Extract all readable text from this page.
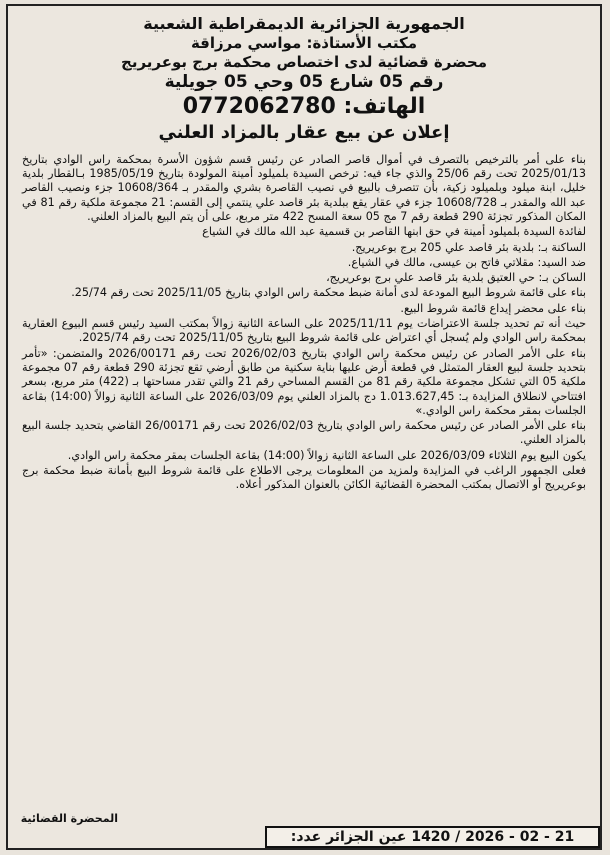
الجمهورية الجزائرية الديمقراطية الشعبية
مكتب الأستاذة: مواسي مرزاقة
محضرة قضائية لدى اختصاص محكمة برج بوعريريج
رقم 05 شارع 05 وحي 05 جويلية
الهاتف: 0772062780
إعلان عن بيع عقار بالمزاد العلني

بناء على أمر بالترخيص بالتصرف في أموال قاصر الصادر عن رئيس قسم شؤون الأسرة بمحكمة راس الوادي بتاريخ 2025/01/13 تحت رقم 25/06 والذي جاء فيه: ترخص السيدة بلميلود أمينة المولودة بتاريخ 1985/05/19 بـالقطار بلدية خليل، ابنة ميلود وبلميلود زكية، بأن تتصرف بالبيع في نصيب القاصرة بشري والمقدر بـ 10608/364 جزء ونصيب القاصر عبد الله والمقدر بـ 10608/728 جزء في عقار يقع ببلدية بئر قاصد علي ينتمي إلى القسم: 21 مجموعة ملكية رقم 81 في المكان المذكور تجزئة 290 قطعة رقم 7 مج 05 سعة المسح 422 متر مربع، على أن يتم البيع بالمزاد العلني.

لفائدة السيدة بلميلود أمينة في حق ابنها القاصر بن قسمية عبد الله مالك في الشياع

الساكنة بـ: بلدية بئر قاصد علي 205 برج بوعريريج.

ضد السيد: مقلاتي فاتح بن عيسى، مالك في الشياع.

الساكن بـ: حي العتيق بلدية بئر قاصد علي برج بوعريريج،

بناء على قائمة شروط البيع المودعة لدى أمانة ضبط محكمة راس الوادي بتاريخ 2025/11/05 تحت رقم 25/74.

بناء على محضر إيداع قائمة شروط البيع.

حيث أنه تم تحديد جلسة الاعتراضات يوم 2025/11/11 على الساعة الثانية زوالاً بمكتب السيد رئيس قسم البيوع العقارية بمحكمة راس الوادي ولم يُسجل أي اعتراض على قائمة شروط البيع بتاريخ 2025/11/05 تحت رقم 2025/74.

بناء على الأمر الصادر عن رئيس محكمة راس الوادي بتاريخ 2026/02/03 تحت رقم 2026/00171 والمتضمن: «تأمر بتحديد جلسة لبيع العقار المتمثل في قطعة أرض عليها بناية سكنية من طابق أرضي تقع تجزئة 290 قطعة رقم 07 مجموعة ملكية 05 التي تشكل مجموعة ملكية رقم 81 من القسم المساحي رقم 21 والتي تقدر مساحتها بـ (422) متر مربع، بسعر افتتاحي لانطلاق المزايدة بـ: 1.013.627,45 دج بالمزاد العلني يوم 2026/03/09 على الساعة الثانية زوالاً (14:00) بقاعة الجلسات بمقر محكمة راس الوادي.»

بناء على الأمر الصادر عن رئيس محكمة راس الوادي بتاريخ 2026/02/03 تحت رقم 26/00171 القاضي بتحديد جلسة البيع بالمزاد العلني.

يكون البيع يوم الثلاثاء 2026/03/09 على الساعة الثانية زوالاً (14:00) بقاعة الجلسات بمقر محكمة راس الوادي.

فعلى الجمهور الراغب في المزايدة ولمزيد من المعلومات يرجى الاطلاع على قائمة شروط البيع بأمانة ضبط محكمة برج بوعريريج أو الاتصال بمكتب المحضرة القضائية الكائن بالعنوان المذكور أعلاه.

المحضرة القضائية
21 - 02 - 2026 / 1420 عين الجزائر عدد:
